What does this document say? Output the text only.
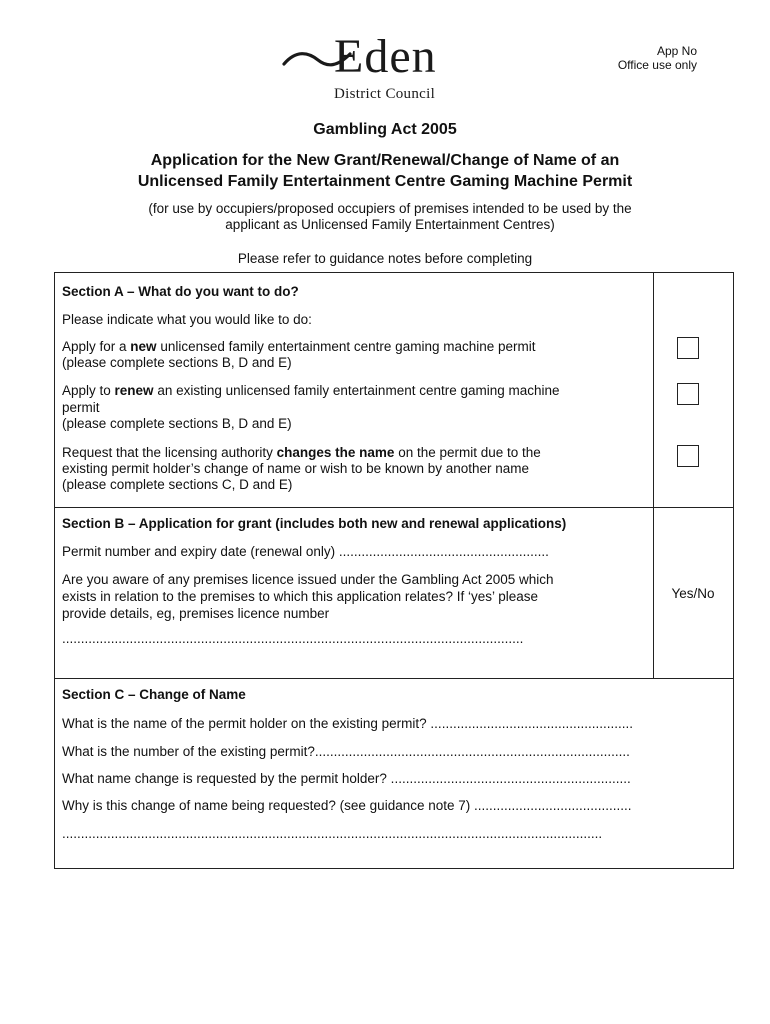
Eden
District Council
App No
Office use only
Gambling Act 2005
Application for the New Grant/Renewal/Change of Name of an
Unlicensed Family Entertainment Centre Gaming Machine Permit
(for use by occupiers/proposed occupiers of premises intended to be used by the
applicant as Unlicensed Family Entertainment Centres)
Please refer to guidance notes before completing
Section A – What do you want to do?
Please indicate what you would like to do:
Apply for a new unlicensed family entertainment centre gaming machine permit
(please complete sections B, D and E)
Apply to renew an existing unlicensed family entertainment centre gaming machine
permit
(please complete sections B, D and E)
Request that the licensing authority changes the name on the permit due to the
existing permit holder’s change of name or wish to be known by another name
(please complete sections C, D and E)
Section B – Application for grant (includes both new and renewal applications)
Permit number and expiry date (renewal only) ........................................................
Are you aware of any premises licence issued under the Gambling Act 2005 which
exists in relation to the premises to which this application relates? If ‘yes’ please
provide details, eg, premises licence number
...........................................................................................................................
Yes/No
Section C – Change of Name
What is the name of the permit holder on the existing permit? ......................................................
What is the number of the existing permit?....................................................................................
What name change is requested by the permit holder? ................................................................
Why is this change of name being requested? (see guidance note 7) ..........................................
................................................................................................................................................
